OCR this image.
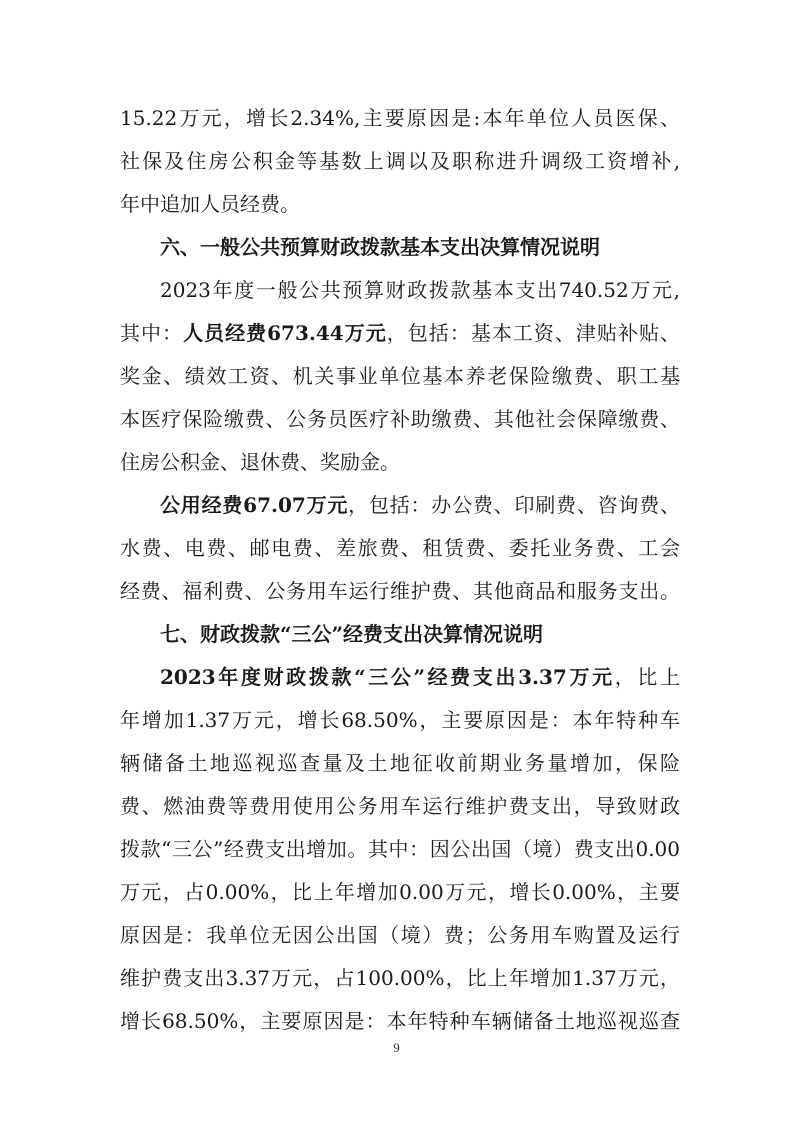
15.22万元，增长2.34%,主要原因是:本年单位人员医保、
社保及住房公积金等基数上调以及职称进升调级工资增补,
年中追加人员经费。
六、一般公共预算财政拨款基本支出决算情况说明
2023年度一般公共预算财政拨款基本支出740.52万元,
其中：人员经费673.44万元，包括：基本工资、津贴补贴、
奖金、绩效工资、机关事业单位基本养老保险缴费、职工基
本医疗保险缴费、公务员医疗补助缴费、其他社会保障缴费、
住房公积金、退休费、奖励金。
公用经费67.07万元，包括：办公费、印刷费、咨询费、
水费、电费、邮电费、差旅费、租赁费、委托业务费、工会
经费、福利费、公务用车运行维护费、其他商品和服务支出。
七、财政拨款“三公”经费支出决算情况说明
2023年度财政拨款“三公”经费支出3.37万元，比上
年增加1.37万元，增长68.50%，主要原因是：本年特种车
辆储备土地巡视巡查量及土地征收前期业务量增加，保险
费、燃油费等费用使用公务用车运行维护费支出，导致财政
拨款“三公”经费支出增加。其中：因公出国（境）费支出0.00
万元，占0.00%，比上年增加0.00万元，增长0.00%，主要
原因是：我单位无因公出国（境）费；公务用车购置及运行
维护费支出3.37万元，占100.00%，比上年增加1.37万元，
增长68.50%，主要原因是：本年特种车辆储备土地巡视巡查
9
